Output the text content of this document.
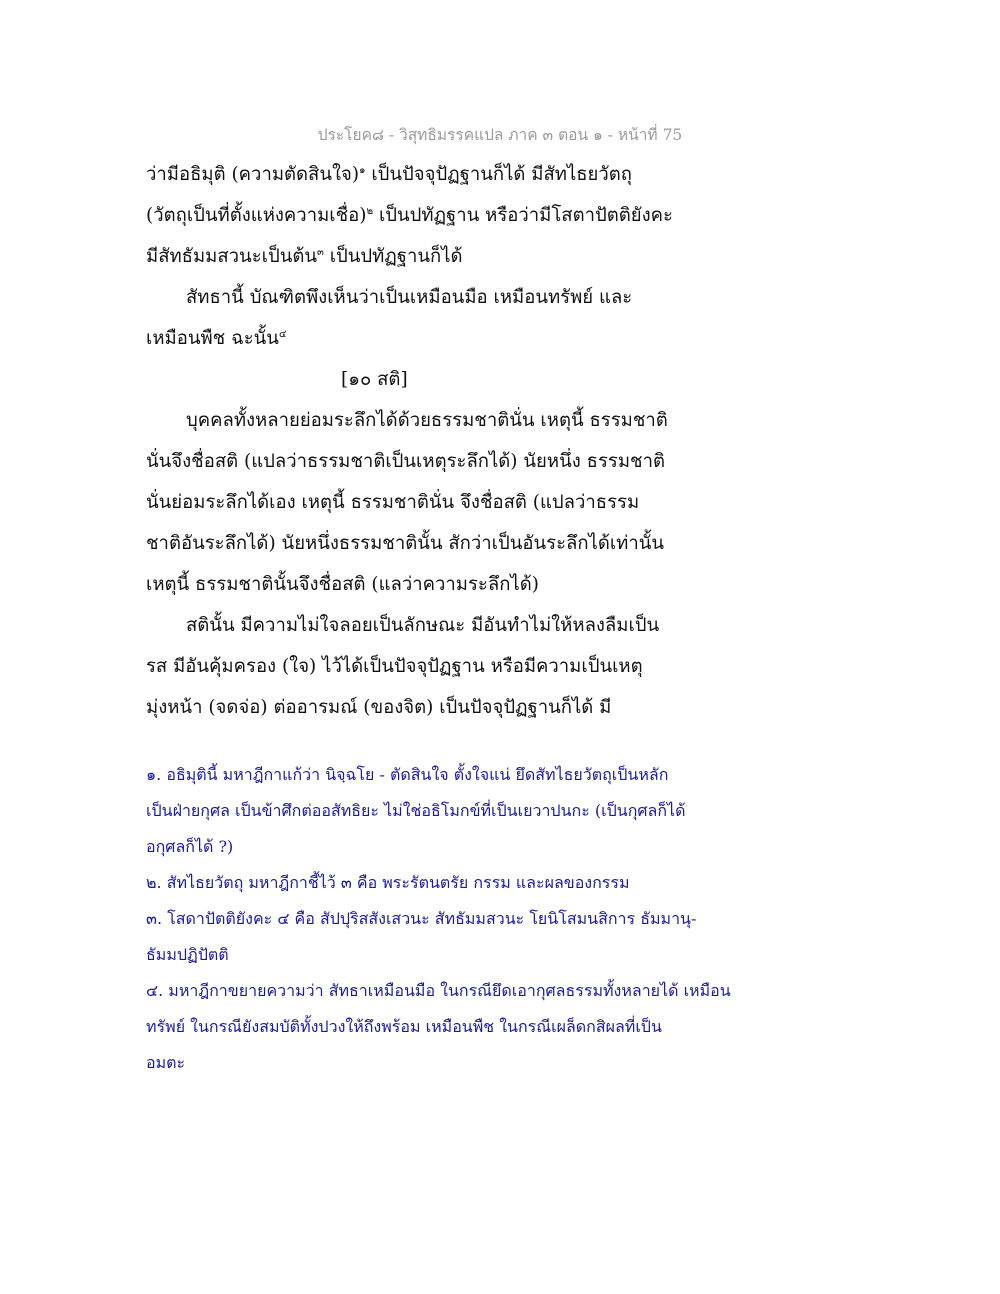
ประโยค๘ - วิสุทธิมรรคแปล ภาค ๓ ตอน ๑ - หน้าที่ 75
ว่ามีอธิมุติ (ความตัดสินใจ)$^๑$ เป็นปัจจุปัฏฐานก็ได้ มีสัทไธยวัตถุ
(วัตถุเป็นที่ตั้งแห่งความเชื่อ)$^๒$ เป็นปทัฏฐาน หรือว่ามีโสตาปัตติยังคะ
มีสัทธัมมสวนะเป็นต้น$^๓$ เป็นปทัฏฐานก็ได้
สัทธานี้ บัณฑิตพึงเห็นว่าเป็นเหมือนมือ เหมือนทรัพย์ และ
เหมือนพืช ฉะนั้น$^๔$
[๑๐ สติ]
บุคคลทั้งหลายย่อมระลึกได้ด้วยธรรมชาตินั่น เหตุนี้ ธรรมชาติ
นั่นจึงชื่อสติ (แปลว่าธรรมชาติเป็นเหตุระลึกได้) นัยหนึ่ง ธรรมชาติ
นั่นย่อมระลึกได้เอง เหตุนี้ ธรรมชาตินั่น จึงชื่อสติ (แปลว่าธรรม
ชาติอันระลึกได้) นัยหนึ่งธรรมชาตินั้น สักว่าเป็นอันระลึกได้เท่านั้น
เหตุนี้ ธรรมชาตินั้นจึงชื่อสติ (แลว่าความระลึกได้)
สตินั้น มีความไม่ใจลอยเป็นลักษณะ มีอันทำไม่ให้หลงลืมเป็น
รส มีอันคุ้มครอง (ใจ) ไว้ได้เป็นปัจจุปัฏฐาน หรือมีความเป็นเหตุ
มุ่งหน้า (จดจ่อ) ต่ออารมณ์ (ของจิต) เป็นปัจจุปัฏฐานก็ได้ มี
๑. อธิมุตินี้ มหาฎีกาแก้ว่า นิจฺฉโย - ตัดสินใจ ตั้งใจแน่ ยึดสัทไธยวัตถุเป็นหลัก
เป็นฝ่ายกุศล เป็นข้าศึกต่ออสัทธิยะ ไม่ใช่อธิโมกข์ที่เป็นเยวาปนกะ (เป็นกุศลก็ได้
อกุศลก็ได้ ?)
๒. สัทไธยวัตถุ มหาฎีกาชี้ไว้ ๓ คือ พระรัตนตรัย กรรม และผลของกรรม
๓. โสดาปัตติยังคะ ๔ คือ สัปปุริสสังเสวนะ สัทธัมมสวนะ โยนิโสมนสิการ ธัมมานุ-
ธัมมปฏิปัตติ
๔. มหาฎีกาขยายความว่า สัทธาเหมือนมือ ในกรณียึดเอากุศลธรรมทั้งหลายได้ เหมือน
ทรัพย์ ในกรณียังสมบัติทั้งปวงให้ถึงพร้อม เหมือนพืช ในกรณีเผล็ดกสิผลที่เป็น
อมตะ
